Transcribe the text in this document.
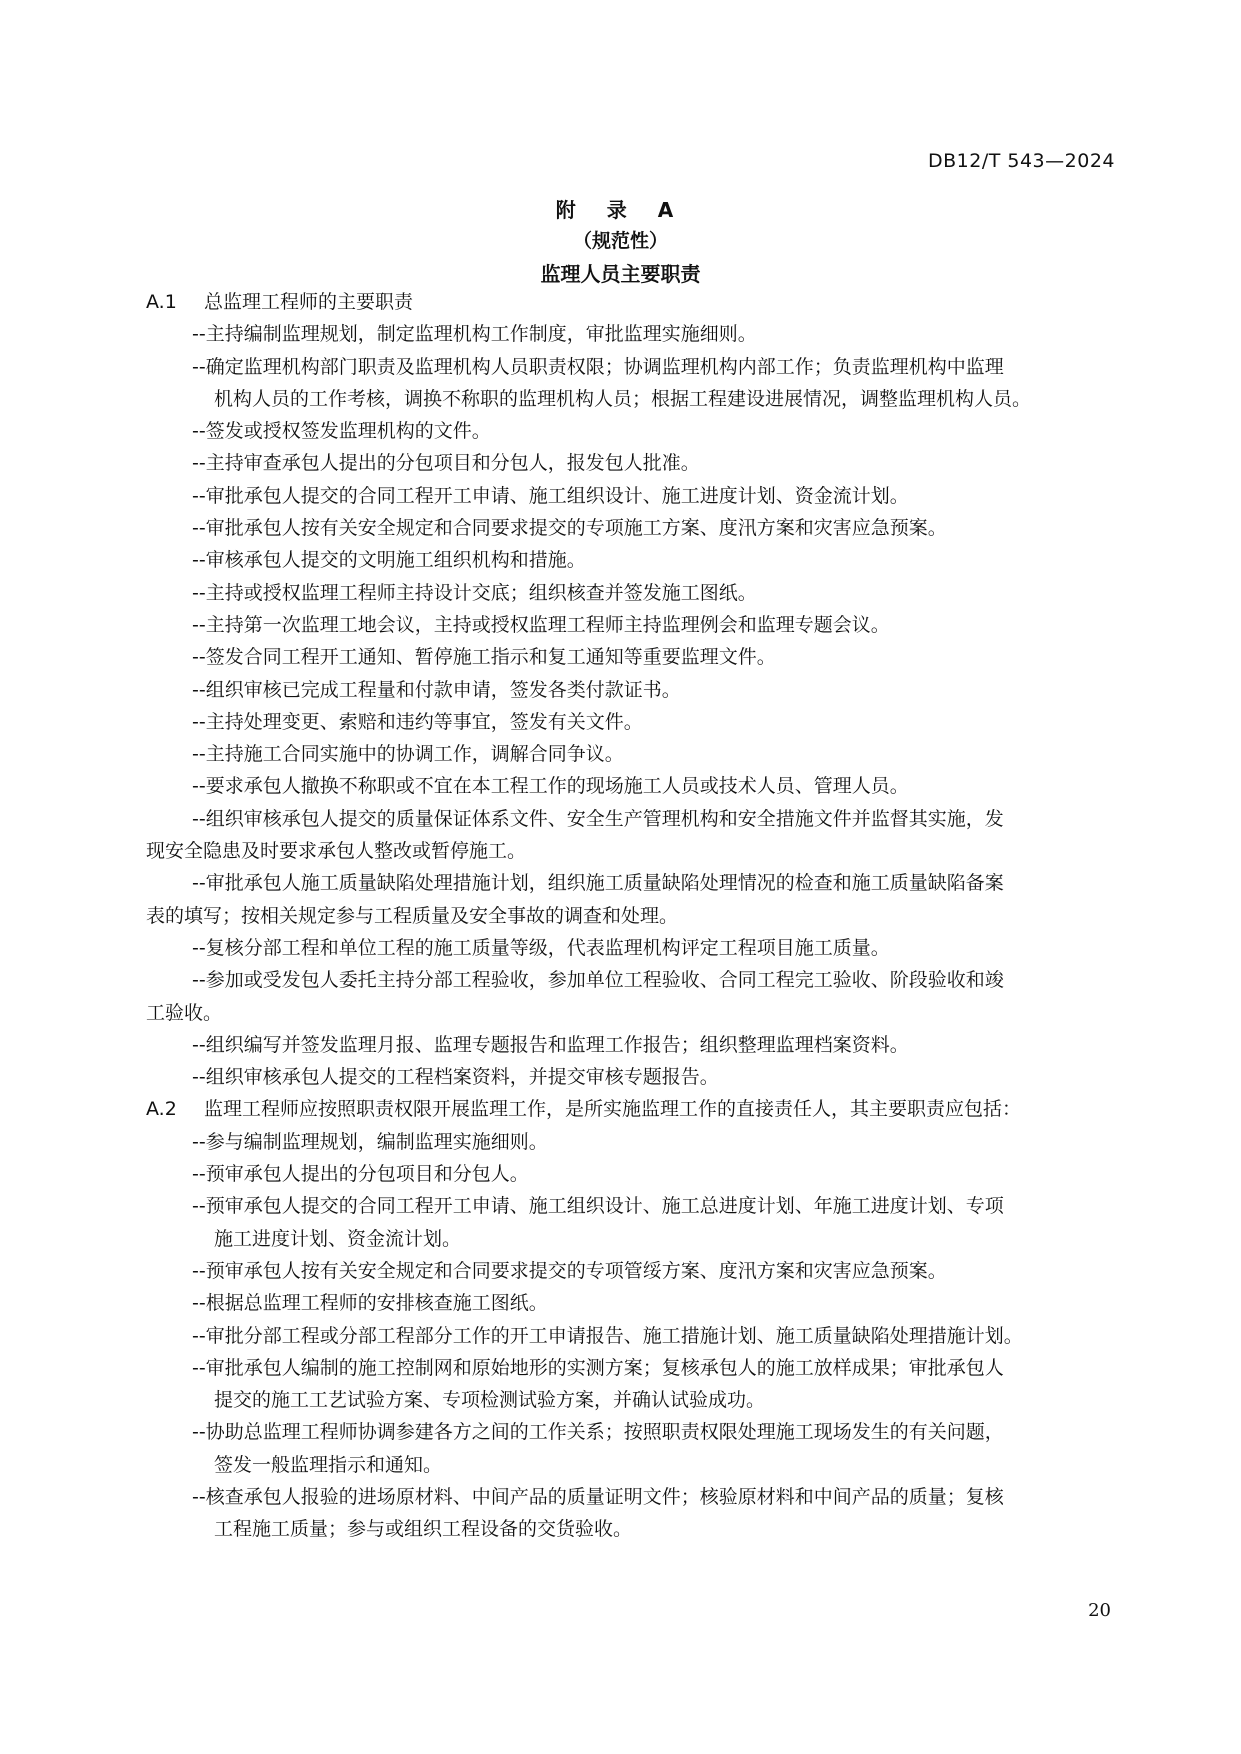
DB12/T 543—2024
附 录 A
（规范性）
监理人员主要职责
A.1 总监理工程师的主要职责
--主持编制监理规划，制定监理机构工作制度，审批监理实施细则。
--确定监理机构部门职责及监理机构人员职责权限；协调监理机构内部工作；负责监理机构中监理
机构人员的工作考核，调换不称职的监理机构人员；根据工程建设进展情况，调整监理机构人员。
--签发或授权签发监理机构的文件。
--主持审查承包人提出的分包项目和分包人，报发包人批准。
--审批承包人提交的合同工程开工申请、施工组织设计、施工进度计划、资金流计划。
--审批承包人按有关安全规定和合同要求提交的专项施工方案、度汛方案和灾害应急预案。
--审核承包人提交的文明施工组织机构和措施。
--主持或授权监理工程师主持设计交底；组织核查并签发施工图纸。
--主持第一次监理工地会议，主持或授权监理工程师主持监理例会和监理专题会议。
--签发合同工程开工通知、暂停施工指示和复工通知等重要监理文件。
--组织审核已完成工程量和付款申请，签发各类付款证书。
--主持处理变更、索赔和违约等事宜，签发有关文件。
--主持施工合同实施中的协调工作，调解合同争议。
--要求承包人撤换不称职或不宜在本工程工作的现场施工人员或技术人员、管理人员。
--组织审核承包人提交的质量保证体系文件、安全生产管理机构和安全措施文件并监督其实施，发
现安全隐患及时要求承包人整改或暂停施工。
--审批承包人施工质量缺陷处理措施计划，组织施工质量缺陷处理情况的检查和施工质量缺陷备案
表的填写；按相关规定参与工程质量及安全事故的调查和处理。
--复核分部工程和单位工程的施工质量等级，代表监理机构评定工程项目施工质量。
--参加或受发包人委托主持分部工程验收，参加单位工程验收、合同工程完工验收、阶段验收和竣
工验收。
--组织编写并签发监理月报、监理专题报告和监理工作报告；组织整理监理档案资料。
--组织审核承包人提交的工程档案资料，并提交审核专题报告。
A.2 监理工程师应按照职责权限开展监理工作，是所实施监理工作的直接责任人，其主要职责应包括：
--参与编制监理规划，编制监理实施细则。
--预审承包人提出的分包项目和分包人。
--预审承包人提交的合同工程开工申请、施工组织设计、施工总进度计划、年施工进度计划、专项
施工进度计划、资金流计划。
--预审承包人按有关安全规定和合同要求提交的专项管绥方案、度汛方案和灾害应急预案。
--根据总监理工程师的安排核查施工图纸。
--审批分部工程或分部工程部分工作的开工申请报告、施工措施计划、施工质量缺陷处理措施计划。
--审批承包人编制的施工控制网和原始地形的实测方案；复核承包人的施工放样成果；审批承包人
提交的施工工艺试验方案、专项检测试验方案，并确认试验成功。
--协助总监理工程师协调参建各方之间的工作关系；按照职责权限处理施工现场发生的有关问题，
签发一般监理指示和通知。
--核查承包人报验的进场原材料、中间产品的质量证明文件；核验原材料和中间产品的质量；复核
工程施工质量；参与或组织工程设备的交货验收。
20
